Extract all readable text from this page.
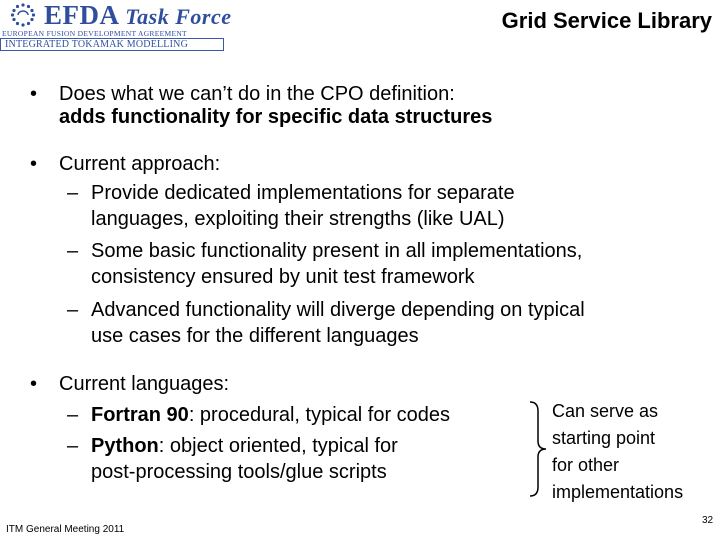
EFDA Task Force
EUROPEAN FUSION DEVELOPMENT AGREEMENT
INTEGRATED TOKAMAK MODELLING
Grid Service Library
• Does what we can’t do in the CPO definition:
adds functionality for specific data structures
• Current approach:
– Provide dedicated implementations for separate
languages, exploiting their strengths (like UAL)
– Some basic functionality present in all implementations,
consistency ensured by unit test framework
– Advanced functionality will diverge depending on typical
use cases for the different languages
• Current languages:
– Fortran 90: procedural, typical for codes
– Python: object oriented, typical for
post-processing tools/glue scripts
Can serve as
starting point
for other
implementations
ITM General Meeting 2011
32
